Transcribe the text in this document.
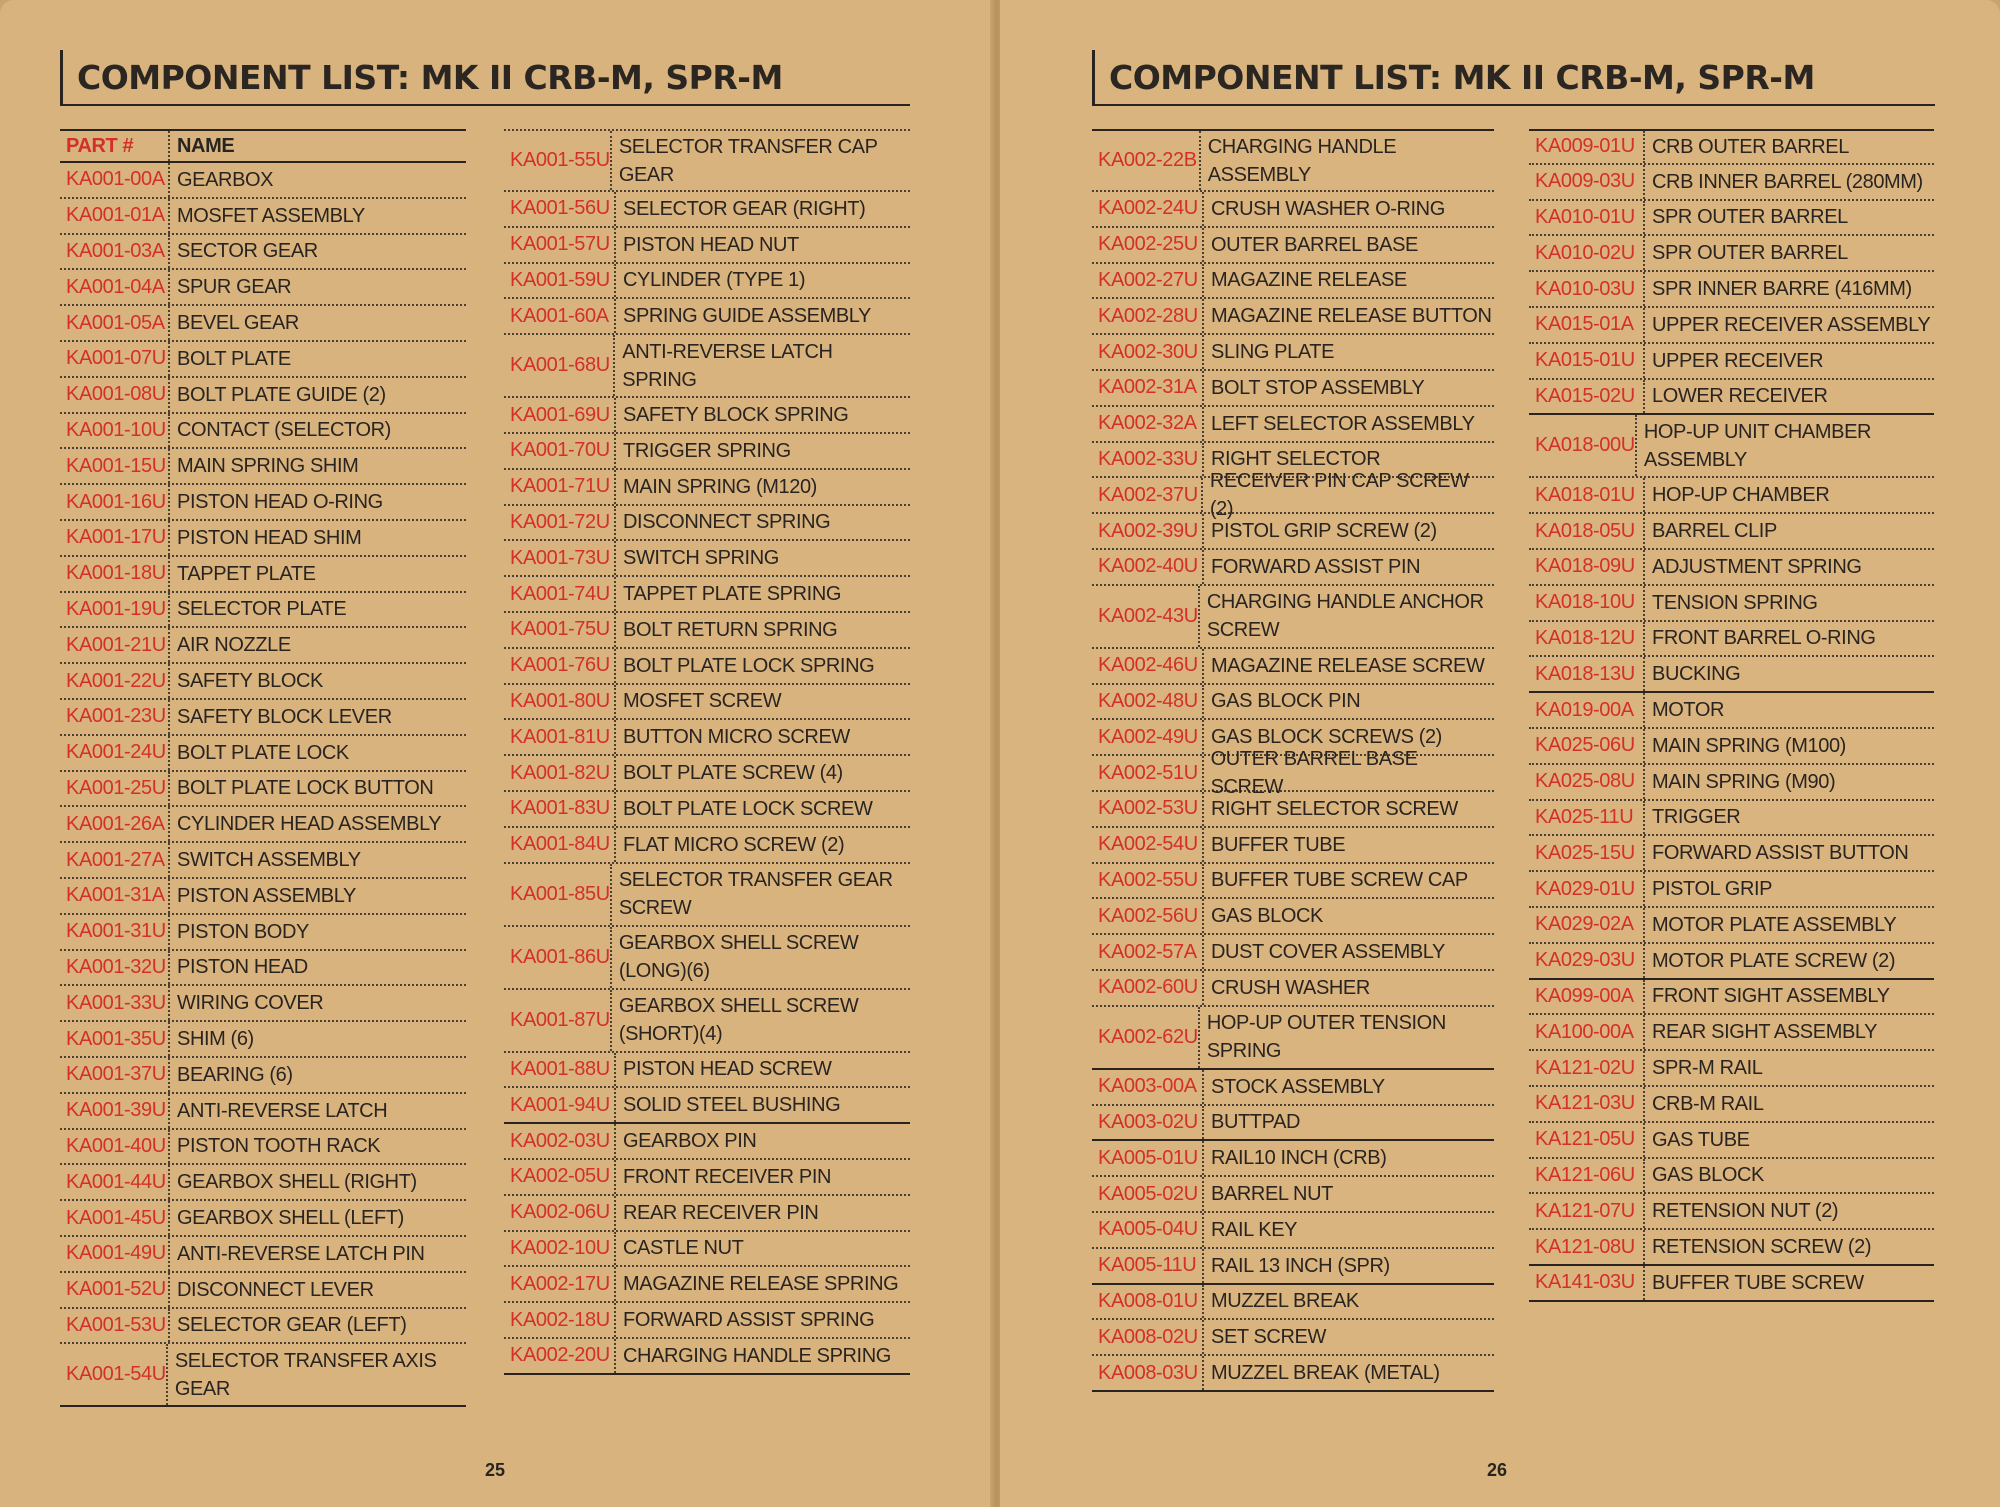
COMPONENT LIST: MK II CRB-M, SPR-M
PART #	NAME
KA001-00A GEARBOX
KA001-01A MOSFET ASSEMBLY
KA001-03A SECTOR GEAR
KA001-04A SPUR GEAR
KA001-05A BEVEL GEAR
KA001-07U BOLT PLATE
KA001-08U BOLT PLATE GUIDE (2)
KA001-10U CONTACT (SELECTOR)
KA001-15U MAIN SPRING SHIM
KA001-16U PISTON HEAD O-RING
KA001-17U PISTON HEAD SHIM
KA001-18U TAPPET PLATE
KA001-19U SELECTOR PLATE
KA001-21U AIR NOZZLE
KA001-22U SAFETY BLOCK
KA001-23U SAFETY BLOCK LEVER
KA001-24U BOLT PLATE LOCK
KA001-25U BOLT PLATE LOCK BUTTON
KA001-26A CYLINDER HEAD ASSEMBLY
KA001-27A SWITCH ASSEMBLY
KA001-31A PISTON ASSEMBLY
KA001-31U PISTON BODY
KA001-32U PISTON HEAD
KA001-33U WIRING COVER
KA001-35U SHIM (6)
KA001-37U BEARING (6)
KA001-39U ANTI-REVERSE LATCH
KA001-40U PISTON TOOTH RACK
KA001-44U GEARBOX SHELL (RIGHT)
KA001-45U GEARBOX SHELL (LEFT)
KA001-49U ANTI-REVERSE LATCH PIN
KA001-52U DISCONNECT LEVER
KA001-53U SELECTOR GEAR (LEFT)
KA001-54U
SELECTOR TRANSFER AXIS GEAR
KA001-55U
SELECTOR TRANSFER CAP GEAR
KA001-56U SELECTOR GEAR (RIGHT)
KA001-57U PISTON HEAD NUT
KA001-59U CYLINDER (TYPE 1)
KA001-60A SPRING GUIDE ASSEMBLY
KA001-68U
ANTI-REVERSE LATCH SPRING
KA001-69U SAFETY BLOCK SPRING
KA001-70U TRIGGER SPRING
KA001-71U MAIN SPRING (M120)
KA001-72U DISCONNECT SPRING
KA001-73U SWITCH SPRING
KA001-74U TAPPET PLATE SPRING
KA001-75U BOLT RETURN SPRING
KA001-76U BOLT PLATE LOCK SPRING
KA001-80U MOSFET SCREW
KA001-81U BUTTON MICRO SCREW
KA001-82U BOLT PLATE SCREW (4)
KA001-83U BOLT PLATE LOCK SCREW
KA001-84U FLAT MICRO SCREW (2)
KA001-85U
SELECTOR TRANSFER GEAR SCREW
KA001-86U
GEARBOX SHELL SCREW (LONG)(6)
KA001-87U
GEARBOX SHELL SCREW (SHORT)(4)
KA001-88U PISTON HEAD SCREW
KA001-94U SOLID STEEL BUSHING
KA002-03U GEARBOX PIN
KA002-05U FRONT RECEIVER PIN
KA002-06U REAR RECEIVER PIN
KA002-10U CASTLE NUT
KA002-17U MAGAZINE RELEASE SPRING
KA002-18U FORWARD ASSIST SPRING
KA002-20U CHARGING HANDLE SPRING
25
COMPONENT LIST: MK II CRB-M, SPR-M
KA002-22B
CHARGING HANDLE ASSEMBLY
KA002-24U CRUSH WASHER O-RING
KA002-25U OUTER BARREL BASE
KA002-27U MAGAZINE RELEASE
KA002-28U MAGAZINE RELEASE BUTTON
KA002-30U SLING PLATE
KA002-31A BOLT STOP ASSEMBLY
KA002-32A LEFT SELECTOR ASSEMBLY
KA002-33U RIGHT SELECTOR
KA002-37U
RECEIVER PIN CAP SCREW (2)
KA002-39U PISTOL GRIP SCREW (2)
KA002-40U FORWARD ASSIST PIN
KA002-43U
CHARGING HANDLE ANCHOR SCREW
KA002-46U MAGAZINE RELEASE SCREW
KA002-48U GAS BLOCK PIN
KA002-49U GAS BLOCK SCREWS (2)
KA002-51U
OUTER BARREL BASE SCREW
KA002-53U RIGHT SELECTOR SCREW
KA002-54U BUFFER TUBE
KA002-55U BUFFER TUBE SCREW CAP
KA002-56U GAS BLOCK
KA002-57A DUST COVER ASSEMBLY
KA002-60U CRUSH WASHER
KA002-62U
HOP-UP OUTER TENSION SPRING
KA003-00A STOCK ASSEMBLY
KA003-02U BUTTPAD
KA005-01U RAIL10 INCH (CRB)
KA005-02U BARREL NUT
KA005-04U RAIL KEY
KA005-11U RAIL 13 INCH (SPR)
KA008-01U MUZZEL BREAK
KA008-02U SET SCREW
KA008-03U MUZZEL BREAK (METAL)
KA009-01U CRB OUTER BARREL
KA009-03U CRB INNER BARREL (280MM)
KA010-01U SPR OUTER BARREL
KA010-02U SPR OUTER BARREL
KA010-03U SPR INNER BARRE (416MM)
KA015-01A UPPER RECEIVER ASSEMBLY
KA015-01U UPPER RECEIVER
KA015-02U LOWER RECEIVER
KA018-00U
HOP-UP UNIT CHAMBER ASSEMBLY
KA018-01U HOP-UP CHAMBER
KA018-05U BARREL CLIP
KA018-09U ADJUSTMENT SPRING
KA018-10U TENSION SPRING
KA018-12U FRONT BARREL O-RING
KA018-13U BUCKING
KA019-00A MOTOR
KA025-06U MAIN SPRING (M100)
KA025-08U MAIN SPRING (M90)
KA025-11U TRIGGER
KA025-15U FORWARD ASSIST BUTTON
KA029-01U PISTOL GRIP
KA029-02A MOTOR PLATE ASSEMBLY
KA029-03U MOTOR PLATE SCREW (2)
KA099-00A FRONT SIGHT ASSEMBLY
KA100-00A REAR SIGHT ASSEMBLY
KA121-02U SPR-M RAIL
KA121-03U CRB-M RAIL
KA121-05U GAS TUBE
KA121-06U GAS BLOCK
KA121-07U RETENSION NUT (2)
KA121-08U RETENSION SCREW (2)
KA141-03U BUFFER TUBE SCREW
26
